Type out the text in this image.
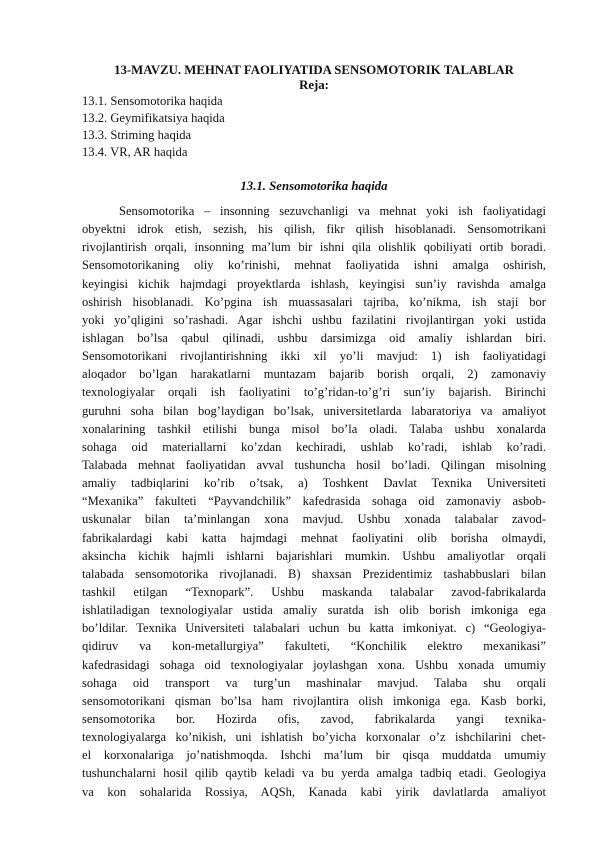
13-MAVZU. MEHNAT FAOLIYATIDA SENSOMOTORIK TALABLAR
Reja:
13.1. Sensomotorika haqida
13.2. Geymifikatsiya haqida
13.3. Striming haqida
13.4. VR, AR haqida
13.1. Sensomotorika haqida
Sensomotorika – insonning sezuvchanligi va mehnat yoki ish faoliyatidagi
obyektni idrok etish, sezish, his qilish, fikr qilish hisoblanadi. Sensomotrikani
rivojlantirish orqali, insonning ma’lum bir ishni qila olishlik qobiliyati ortib boradi.
Sensomotorikaning oliy ko’rinishi, mehnat faoliyatida ishni amalga oshirish,
keyingisi kichik hajmdagi proyektlarda ishlash, keyingisi sun’iy ravishda amalga
oshirish hisoblanadi. Ko’pgina ish muassasalari tajriba, ko’nikma, ish staji bor
yoki yo’qligini so’rashadi. Agar ishchi ushbu fazilatini rivojlantirgan yoki ustida
ishlagan bo’lsa qabul qilinadi, ushbu darsimizga oid amaliy ishlardan biri.
Sensomotorikani rivojlantirishning ikki xil yo’li mavjud: 1) ish faoliyatidagi
aloqador bo’lgan harakatlarni muntazam bajarib borish orqali, 2) zamonaviy
texnologiyalar orqali ish faoliyatini to’g’ridan-to’g’ri sun’iy bajarish. Birinchi
guruhni soha bilan bog’laydigan bo’lsak, universitetlarda labaratoriya va amaliyot
xonalarining tashkil etilishi bunga misol bo’la oladi. Talaba ushbu xonalarda
sohaga oid materiallarni ko’zdan kechiradi, ushlab ko’radi, ishlab ko’radi.
Talabada mehnat faoliyatidan avval tushuncha hosil bo’ladi. Qilingan misolning
amaliy tadbiqlarini ko’rib o’tsak, a) Toshkent Davlat Texnika Universiteti
“Mexanika” fakulteti “Payvandchilik” kafedrasida sohaga oid zamonaviy asbob-
uskunalar bilan ta’minlangan xona mavjud. Ushbu xonada talabalar zavod-
fabrikalardagi kabi katta hajmdagi mehnat faoliyatini olib borisha olmaydi,
aksincha kichik hajmli ishlarni bajarishlari mumkin. Ushbu amaliyotlar orqali
talabada sensomotorika rivojlanadi. B) shaxsan Prezidentimiz tashabbuslari bilan
tashkil etilgan “Texnopark”. Ushbu maskanda talabalar zavod-fabrikalarda
ishlatiladigan texnologiyalar ustida amaliy suratda ish olib borish imkoniga ega
bo’ldilar. Texnika Universiteti talabalari uchun bu katta imkoniyat. c) “Geologiya-
qidiruv va kon-metallurgiya” fakulteti, “Konchilik elektro mexanikasi”
kafedrasidagi sohaga oid texnologiyalar joylashgan xona. Ushbu xonada umumiy
sohaga oid transport va turg’un mashinalar mavjud. Talaba shu orqali
sensomotorikani qisman bo’lsa ham rivojlantira olish imkoniga ega. Kasb borki,
sensomotorika bor. Hozirda ofis, zavod, fabrikalarda yangi texnika-
texnologiyalarga ko’nikish, uni ishlatish bo’yicha korxonalar o’z ishchilarini chet-
el korxonalariga jo’natishmoqda. Ishchi ma’lum bir qisqa muddatda umumiy
tushunchalarni hosil qilib qaytib keladi va bu yerda amalga tadbiq etadi. Geologiya
va kon sohalarida Rossiya, AQSh, Kanada kabi yirik davlatlarda amaliyot
